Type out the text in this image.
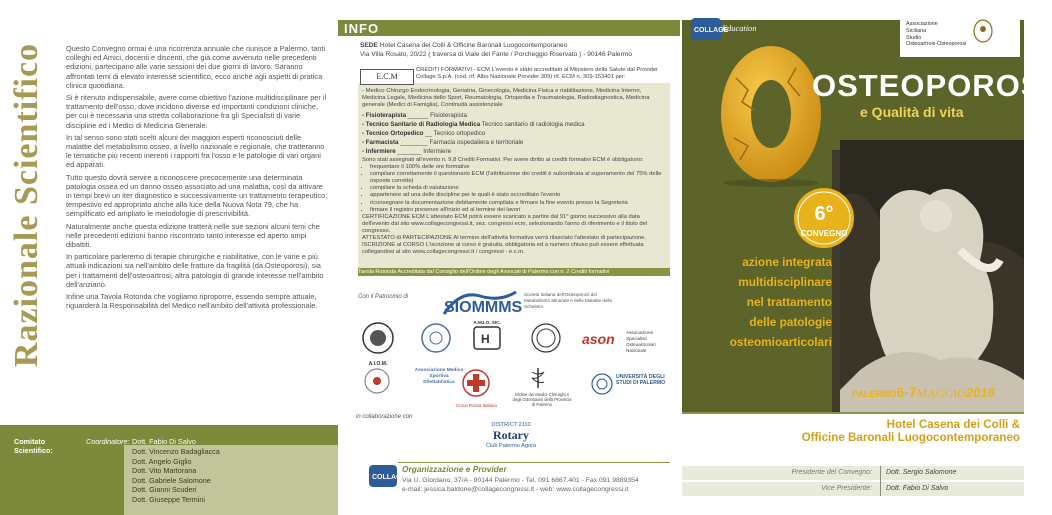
Razionale Scientifico	Questo Convegno ormai è una ricorrenza annuale che riunisce a Palermo, tanti colleghi ed Amici, docenti e discenti, che già come avvenuto nelle precedenti edizioni, partecipano alle varie sessioni dei due giorni di lavoro. Saranno affrontati temi di elevato interesse scientifico, ecco anche agli aspetti di pratica clinica quotidiana.

Si è ritenuto indispensabile, avere come obiettivo l'azione multidisciplinare per il trattamento dell'osso, dove incidono diverse ed importanti condizioni cliniche, per cui è necessaria una stretta collaborazione fra gli Specialisti di varie discipline ed i Medici di Medicina Generale.

In tal senso sono stati scelti alcuni dei maggiori esperti riconosciuti delle malattie del metabolismo osseo, a livello nazionale e regionale, che tratteranno le tematiche più recenti inerenti i rapporti fra l'osso e le patologie di vari organi ed apparati.

Tutto questo dovrà servire a riconoscere precocemente una determinata patologia ossea ed un danno osseo associato ad una malattia, così da attivare in tempi brevi un iter diagnostico e successivamente un trattamento terapeutico, tempestivo ed appropriato anche alla luce della Nuova Nota 79, che ha semplificato ed ampliato le metodologie di prescrivibilità.

Naturalmente anche questa edizione tratterà nelle sue sezioni alcuni temi che nelle precedenti edizioni hanno riscontrato tanto interesse ed aperto ampi dibattiti.

In particolare parleremo di terapie chirurgiche e riabilitative, con le varie e più attuali indicazioni sia nell'ambito delle fratture da fragilità (da Osteoporosi), sia per i trattamenti dell'osteoartrosi, altra patologia di grande interesse nell'ambito dell'anziano.

Infine una Tavola Rotonda che vogliamo riproporre, essendo sempre attuale, riguarderà la Responsabilità del Medico nell'ambito dell'attività professionale.

Comitato Scientifico:
Coordinatore: Dott. Fabio Di Salvo
Dott. Vincenzo Badagliacca
Dott. Angelo Giglio
Dott. Vito Martorana
Dott. Gabriele Salomone
Dott. Gianni Scuderi
Dott. Giuseppe Termini
INFO
SEDE Hotel Casena dei Colli & Officine Baronali Luogocontemporaneo
Via Villa Rosato, 20/22 ( traversa di Viale del Fante / Porcheggio Riservato ) - 90146 Palermo
E.C.M
CREDITI FORMATIVI - ECM L'evento è stato accreditato al Ministero della Salute dal Provider Collage S.p.A. (cod. rif. Albo Nazionale Provider 309) rif. ECM n. 309-153401 per:
- Medico Chirurgo Endocrinologia, Geriatria, Ginecologia, Medicina Fisica e riabilitazione, Medicina Interno, Medicina Legale, Medicina dello Sport, Reumatologia, Ortopedia e Traumatologia, Radiodiagnostica, Medicina generale (Medici di Famiglia), Continuità assistenziale
- Fisioterapista ______ Fisioterapista
- Tecnico Sanitario di Radiologia Medica Tecnico sanitario di radiologia medica
- Tecnico Ortopedico __ Tecnico ortopedico
- Farmacista ________ Farmacia ospedaliera e territoriale
- Infermiere _______ Infermiere
Sono stati assegnati all'evento n. 9,8 Crediti Formativi. Per avere diritto ai crediti formativi ECM è obbligatorio:
• frequentare il 100% delle ore formative
• compilare correttamente il questionario ECM (l'attribuzione dei crediti è subordinata al superamento del 75% delle risposte corrette)
• compilare la scheda di valutazione
• appartenere ad una delle discipline per le quali è stato accreditato l'evento
• riconsegnare la documentazione debitamente compilata e firmare la fine evento presso la Segreteria
• firmare il registro presenze all'inizio ed al termine dei lavori
CERTIFICAZIONE ECM L'attestato ECM potrà essere scaricato a partire dal 91° giorno successivo alla data dell'evento dal sito www.collagecongressi.it, sez. congressi ecm, selezionando l'anno di riferimento e il titolo del congresso.
ATTESTATO di PARTECIPAZIONE Al termine dell'attività formativa verrà rilasciato l'attestato di partecipazione.
ISCRIZIONE al CORSO L'iscrizione al corso è gratuita, obbligatoria ed a numero chiuso può essere effettuata collegandosi al sito www.collagecongressi.it / congressi - e.c.m.
Tavola Rotonda Accreditata dal Consiglio dell'Ordine degli Avvocati di Palermo con n. 2 Crediti formativi
Con il Patrocinio di
SIOMMMS
Società Italiana dell'Osteoporosi del Metabolismo Minerale e delle Malattie dello Scheletro
A.I.O.M.
A.M.I.O. SIC.
H	ason Associazione Specialisti Osteoarticolari Nazionale
Associazione Medico Sportiva Dilettantistica
Croce Rossa Italiana
Ordine dei Medici-Chirurghi e degli Odontoiatri della Provincia di Palermo
UNIVERSITÀ DEGLI STUDI DI PALERMO
in collaborazione con
DISTRICT 2110
Rotary
Club Palermo Agorà
COLLAGE
Organizzazione e Provider
Via U. Giordano, 37/A - 90144 Palermo - Tel. 091 6867.401 - Fax 091 9889354
e-mail: jessica.baldone@collagecongressi.it - web: www.collagecongressi.it
COLLAGE
Education	Associazione
Siciliana
Studio
Osteoartrosi-Osteoporosi
OSTEOPOROSI
e Qualità di vita
6°
CONVEGNO
azione integrata
multidisciplinare
nel trattamento
delle patologie
osteomioarticolari
PALERMO6-7MAGGIO2016
Hotel Casena dei Colli &
Officine Baronali Luogocontemporaneo
Presidente del Convegno: Dott. Sergio Salomone
Vice Presidente: Dott. Fabio Di Salvo
